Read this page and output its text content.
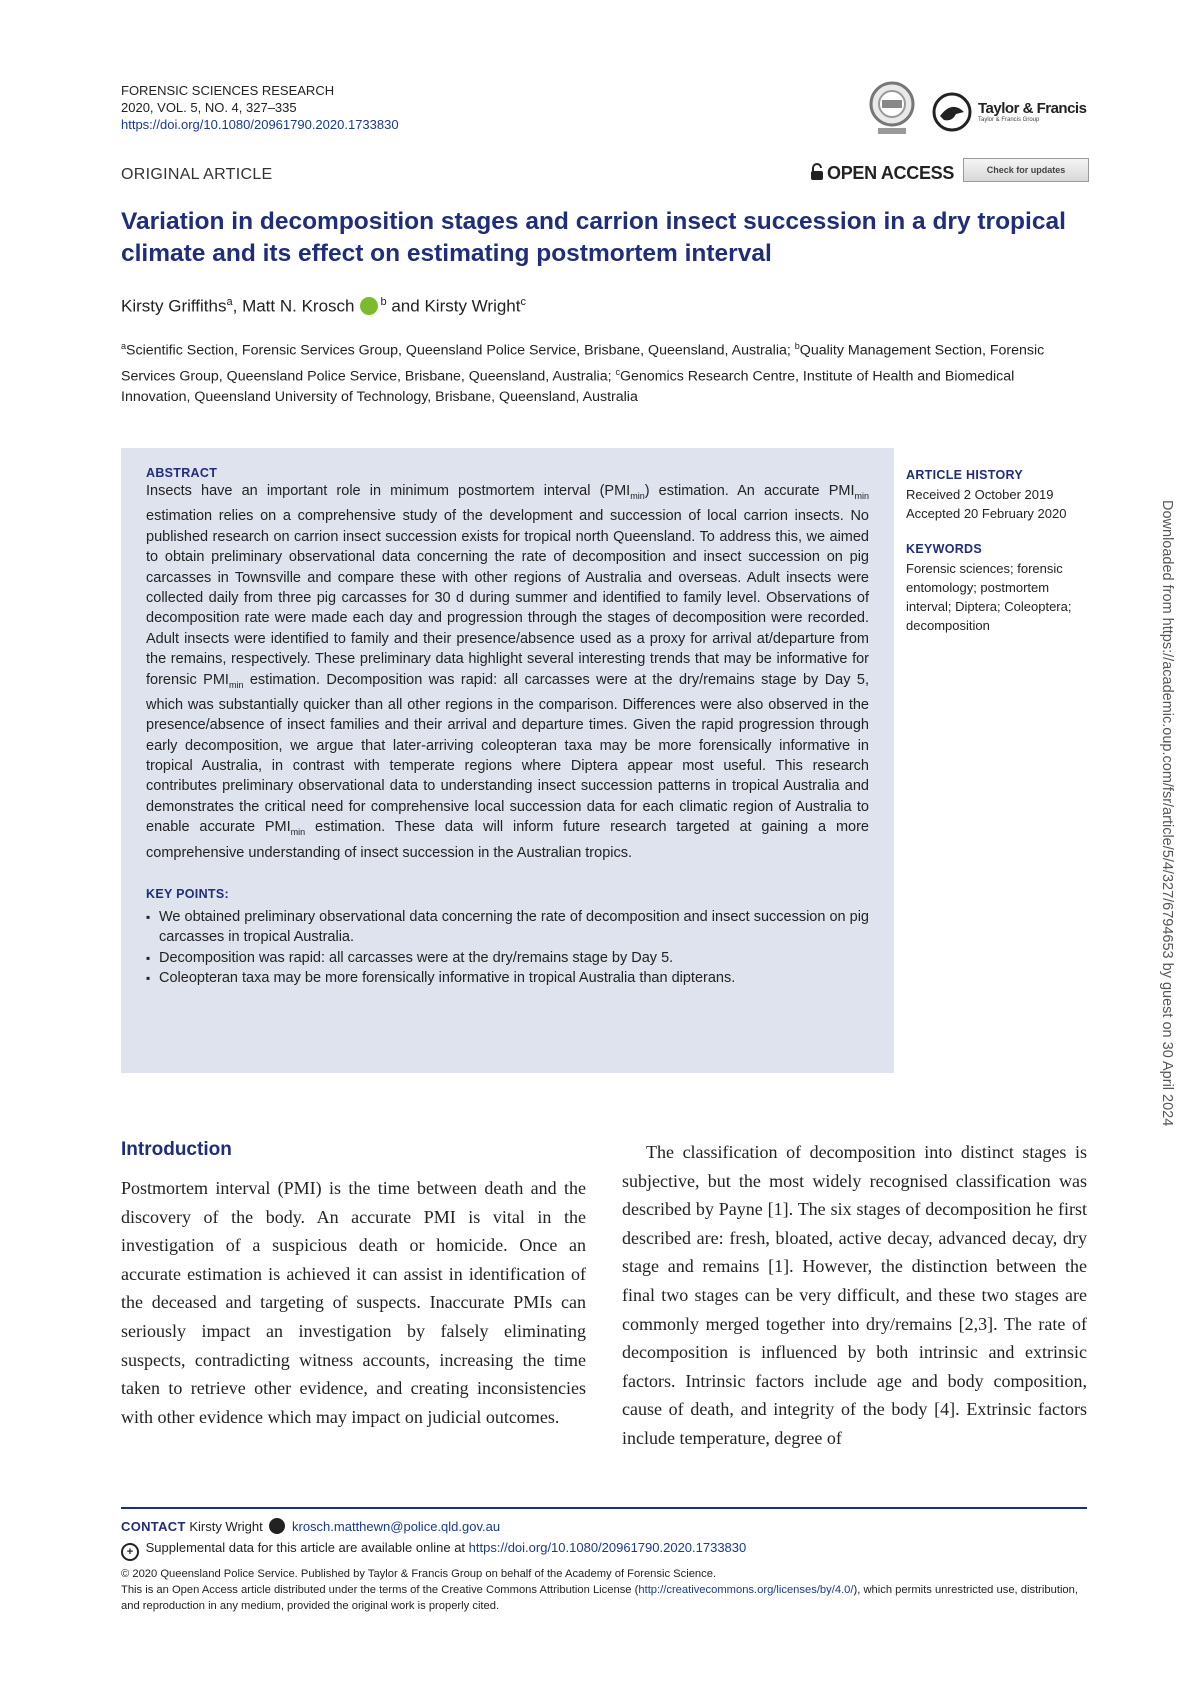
FORENSIC SCIENCES RESEARCH
2020, VOL. 5, NO. 4, 327–335
https://doi.org/10.1080/20961790.2020.1733830
Taylor & Francis
Taylor & Francis Group
ORIGINAL ARTICLE	OPEN ACCESS	Check for updates
Variation in decomposition stages and carrion insect succession in a dry tropical climate and its effect on estimating postmortem interval
Kirsty Griffiths$^a$, Matt N. Krosch $^b$ and Kirsty Wright$^c$
$^a$Scientific Section, Forensic Services Group, Queensland Police Service, Brisbane, Queensland, Australia; $^b$Quality Management Section, Forensic Services Group, Queensland Police Service, Brisbane, Queensland, Australia; $^c$Genomics Research Centre, Institute of Health and Biomedical Innovation, Queensland University of Technology, Brisbane, Queensland, Australia
ABSTRACT
Insects have an important role in minimum postmortem interval $(PMI_{min})$ estimation. An accurate $PMI_{min}$ estimation relies on a comprehensive study of the development and succession of local carrion insects. No published research on carrion insect succession exists for tropical north Queensland. To address this, we aimed to obtain preliminary observational data concerning the rate of decomposition and insect succession on pig carcasses in Townsville and compare these with other regions of Australia and overseas. Adult insects were collected daily from three pig carcasses for 30 d during summer and identified to family level. Observations of decomposition rate were made each day and progression through the stages of decomposition were recorded. Adult insects were identified to family and their presence/absence used as a proxy for arrival at/departure from the remains, respectively. These preliminary data highlight several interesting trends that may be informative for forensic $PMI_{min}$ estimation. Decomposition was rapid: all carcasses were at the dry/remains stage by Day 5, which was substantially quicker than all other regions in the comparison. Differences were also observed in the presence/absence of insect families and their arrival and departure times. Given the rapid progression through early decomposition, we argue that later-arriving coleopteran taxa may be more forensically informative in tropical Australia, in contrast with temperate regions where Diptera appear most useful. This research contributes preliminary observational data to understanding insect succession patterns in tropical Australia and demonstrates the critical need for comprehensive local succession data for each climatic region of Australia to enable accurate $PMI_{min}$ estimation. These data will inform future research targeted at gaining a more comprehensive understanding of insect succession in the Australian tropics.
KEY POINTS:
▪ We obtained preliminary observational data concerning the rate of decomposition and insect succession on pig carcasses in tropical Australia.
▪ Decomposition was rapid: all carcasses were at the dry/remains stage by Day 5.
▪ Coleopteran taxa may be more forensically informative in tropical Australia than dipterans.
ARTICLE HISTORY
Received 2 October 2019
Accepted 20 February 2020
KEYWORDS
Forensic sciences; forensic entomology; postmortem interval; Diptera; Coleoptera; decomposition	Downloaded from https://academic.oup.com/fsr/article/5/4/327/6794653 by guest on 30 April 2024
Introduction
Postmortem interval (PMI) is the time between death and the discovery of the body. An accurate PMI is vital in the investigation of a suspicious death or homicide. Once an accurate estimation is achieved it can assist in identification of the deceased and targeting of suspects. Inaccurate PMIs can seriously impact an investigation by falsely eliminating suspects, contradicting witness accounts, increasing the time taken to retrieve other evidence, and creating inconsistencies with other evidence which may impact on judicial outcomes.
The classification of decomposition into distinct stages is subjective, but the most widely recognised classification was described by Payne [1]. The six stages of decomposition he first described are: fresh, bloated, active decay, advanced decay, dry stage and remains [1]. However, the distinction between the final two stages can be very difficult, and these two stages are commonly merged together into dry/remains [2,3]. The rate of decomposition is influenced by both intrinsic and extrinsic factors. Intrinsic factors include age and body composition, cause of death, and integrity of the body [4]. Extrinsic factors include temperature, degree of
CONTACT Kirsty Wright krosch.matthewn@police.qld.gov.au
+ Supplemental data for this article are available online at https://doi.org/10.1080/20961790.2020.1733830
© 2020 Queensland Police Service. Published by Taylor & Francis Group on behalf of the Academy of Forensic Science.
This is an Open Access article distributed under the terms of the Creative Commons Attribution License (http://creativecommons.org/licenses/by/4.0/), which permits unrestricted use, distribution, and reproduction in any medium, provided the original work is properly cited.
